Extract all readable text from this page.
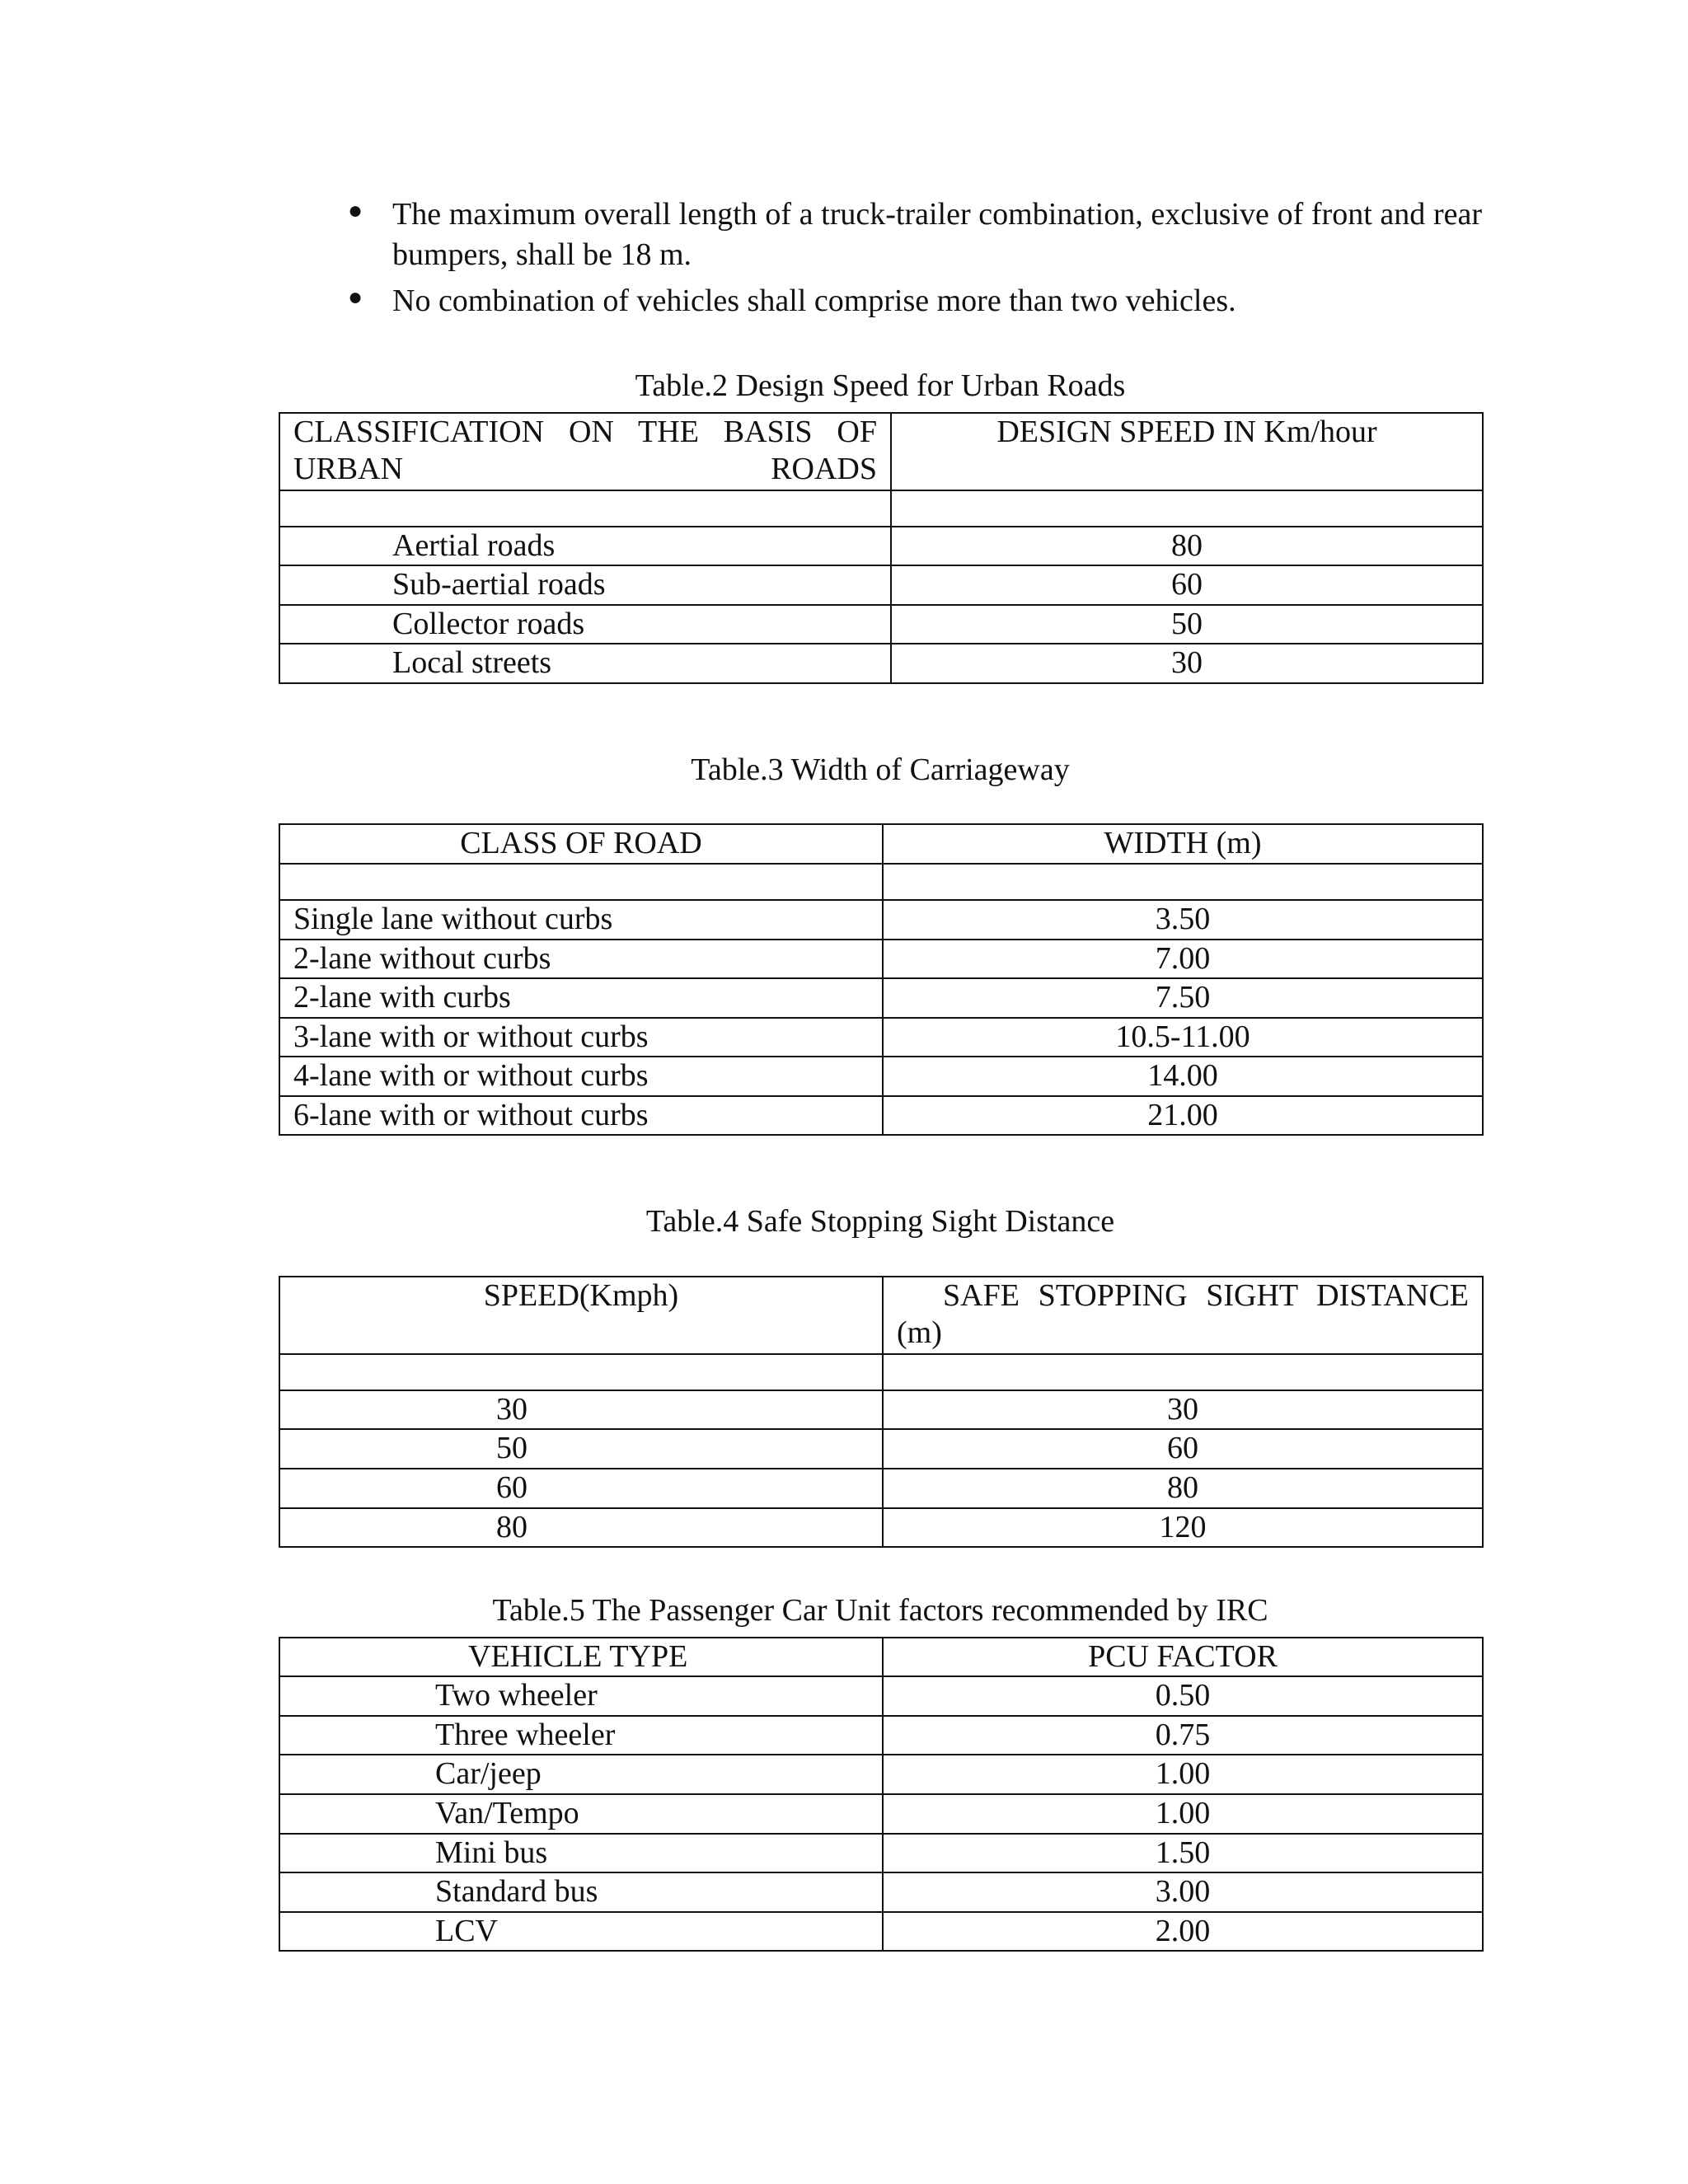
● The maximum overall length of a truck-trailer combination, exclusive of front and rear bumpers, shall be 18 m.
● No combination of vehicles shall comprise more than two vehicles.

Table.2 Design Speed for Urban Roads

CLASSIFICATION ON THE BASIS OF URBAN ROADS	DESIGN SPEED IN Km/hour

Aertial roads	80
Sub-aertial roads	60
Collector roads	50
Local streets	30

Table.3 Width of Carriageway

CLASS OF ROAD	WIDTH (m)

Single lane without curbs	3.50
2-lane without curbs	7.00
2-lane with curbs	7.50
3-lane with or without curbs	10.5-11.00
4-lane with or without curbs	14.00
6-lane with or without curbs	21.00

Table.4 Safe Stopping Sight Distance

SPEED(Kmph)	SAFE STOPPING SIGHT DISTANCE
(m)

30	30
50	60
60	80
80	120

Table.5 The Passenger Car Unit factors recommended by IRC

VEHICLE TYPE	PCU FACTOR
Two wheeler	0.50
Three wheeler	0.75
Car/jeep	1.00
Van/Tempo	1.00
Mini bus	1.50
Standard bus	3.00
LCV	2.00
